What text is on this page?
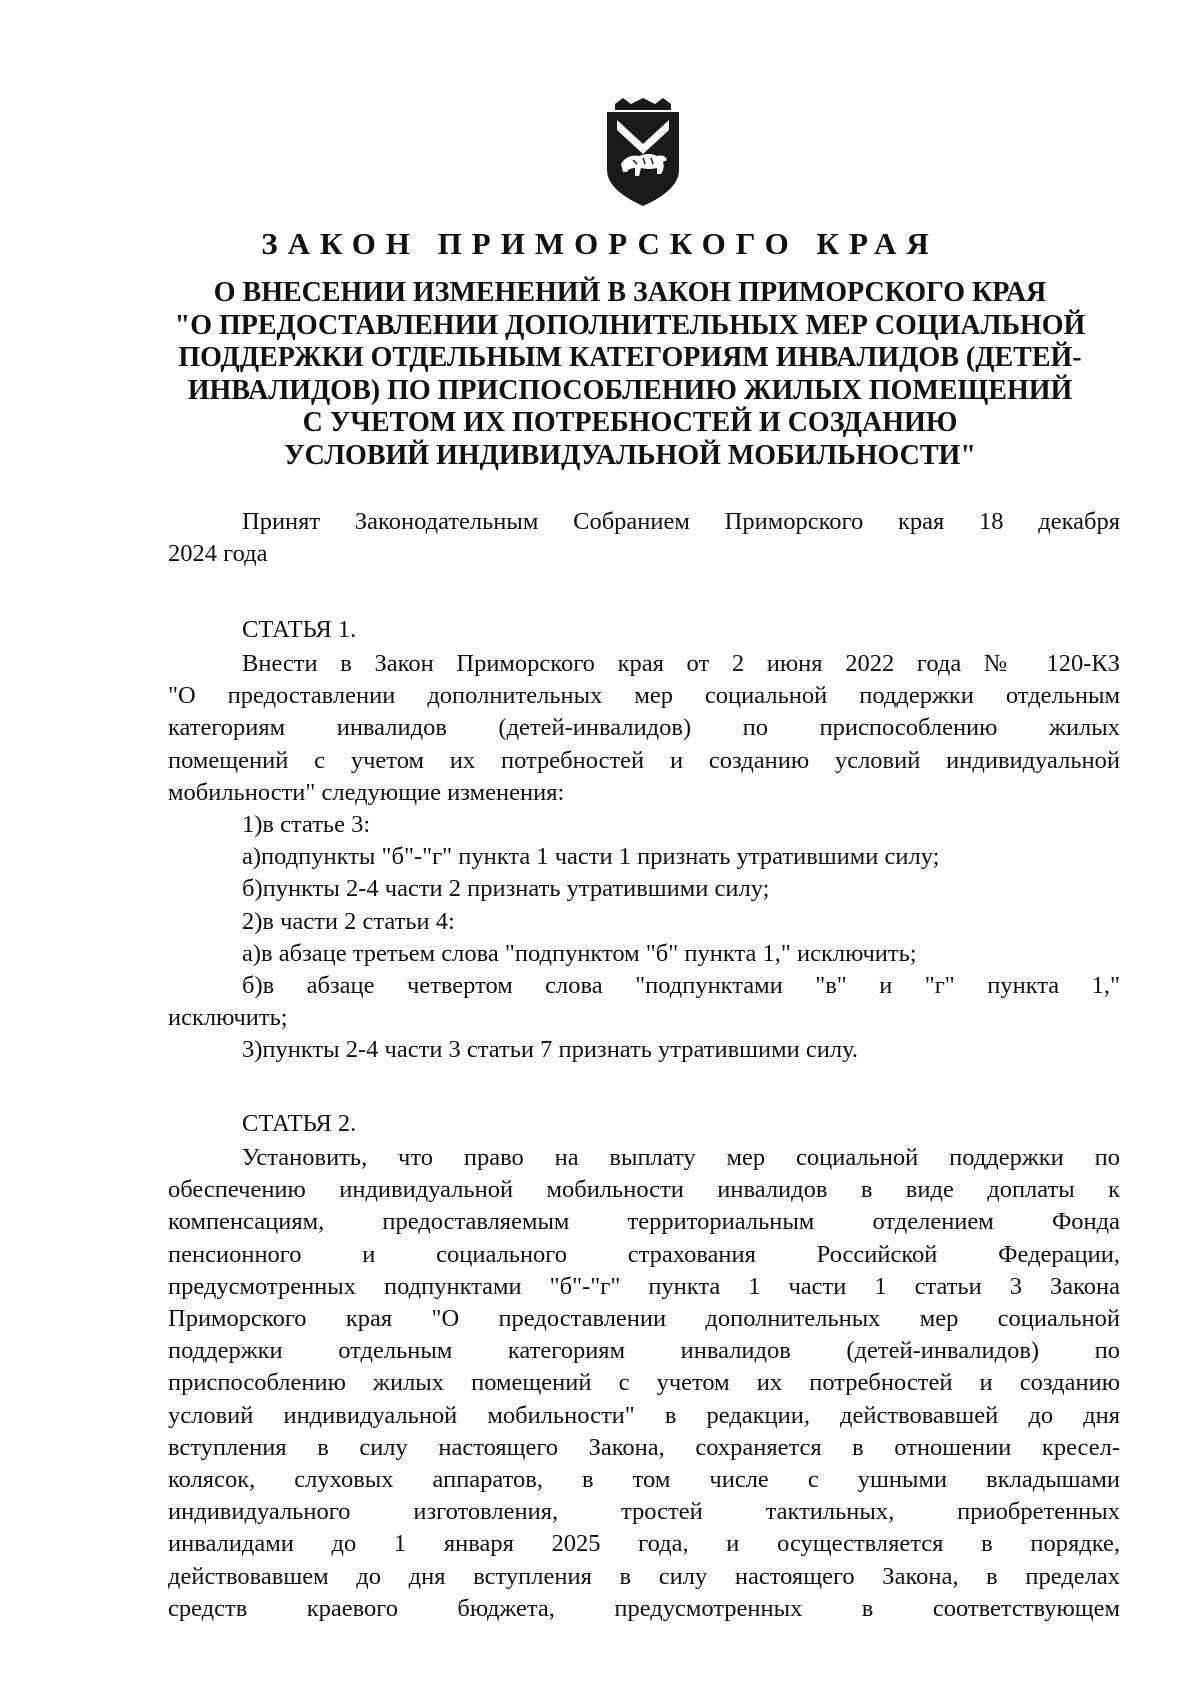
ЗАКОН ПРИМОРСКОГО КРАЯ
О ВНЕСЕНИИ ИЗМЕНЕНИЙ В ЗАКОН ПРИМОРСКОГО КРАЯ
"О ПРЕДОСТАВЛЕНИИ ДОПОЛНИТЕЛЬНЫХ МЕР СОЦИАЛЬНОЙ
ПОДДЕРЖКИ ОТДЕЛЬНЫМ КАТЕГОРИЯМ ИНВАЛИДОВ (ДЕТЕЙ-
ИНВАЛИДОВ) ПО ПРИСПОСОБЛЕНИЮ ЖИЛЫХ ПОМЕЩЕНИЙ
С УЧЕТОМ ИХ ПОТРЕБНОСТЕЙ И СОЗДАНИЮ
УСЛОВИЙ ИНДИВИДУАЛЬНОЙ МОБИЛЬНОСТИ"
Принят Законодательным Собранием Приморского края 18 декабря
2024 года
СТАТЬЯ 1.
Внести в Закон Приморского края от 2 июня 2022 года № 120-КЗ
"О предоставлении дополнительных мер социальной поддержки отдельным
категориям инвалидов (детей-инвалидов) по приспособлению жилых
помещений с учетом их потребностей и созданию условий индивидуальной
мобильности" следующие изменения:
1)в статье 3:
а)подпункты "б"-"г" пункта 1 части 1 признать утратившими силу;
б)пункты 2-4 части 2 признать утратившими силу;
2)в части 2 статьи 4:
а)в абзаце третьем слова "подпунктом "б" пункта 1," исключить;
б)в абзаце четвертом слова "подпунктами "в" и "г" пункта 1,"
исключить;
3)пункты 2-4 части 3 статьи 7 признать утратившими силу.
СТАТЬЯ 2.
Установить, что право на выплату мер социальной поддержки по
обеспечению индивидуальной мобильности инвалидов в виде доплаты к
компенсациям, предоставляемым территориальным отделением Фонда
пенсионного и социального страхования Российской Федерации,
предусмотренных подпунктами "б"-"г" пункта 1 части 1 статьи 3 Закона
Приморского края "О предоставлении дополнительных мер социальной
поддержки отдельным категориям инвалидов (детей-инвалидов) по
приспособлению жилых помещений с учетом их потребностей и созданию
условий индивидуальной мобильности" в редакции, действовавшей до дня
вступления в силу настоящего Закона, сохраняется в отношении кресел-
колясок, слуховых аппаратов, в том числе с ушными вкладышами
индивидуального изготовления, тростей тактильных, приобретенных
инвалидами до 1 января 2025 года, и осуществляется в порядке,
действовавшем до дня вступления в силу настоящего Закона, в пределах
средств краевого бюджета, предусмотренных в соответствующем
